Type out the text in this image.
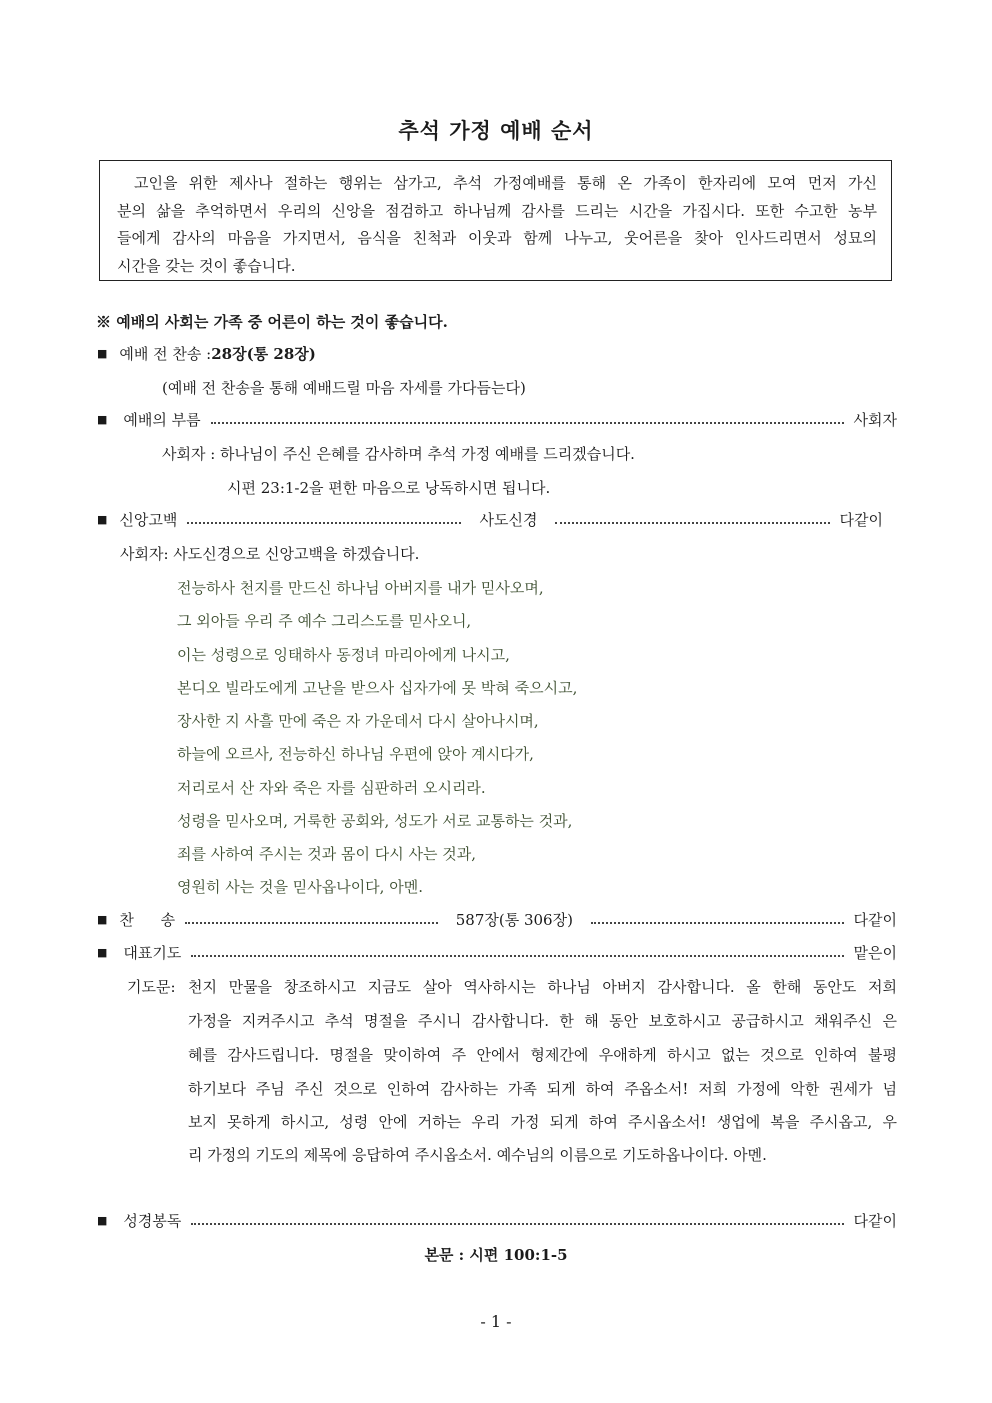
추석 가정 예배 순서

고인을 위한 제사나 절하는 행위는 삼가고, 추석 가정예배를 통해 온 가족이 한자리에 모여 먼저 가신

분의 삶을 추억하면서 우리의 신앙을 점검하고 하나님께 감사를 드리는 시간을 가집시다. 또한 수고한 농부

들에게 감사의 마음을 가지면서, 음식을 친척과 이웃과 함께 나누고, 웃어른을 찾아 인사드리면서 성묘의

시간을 갖는 것이 좋습니다.

※ 예배의 사회는 가족 중 어른이 하는 것이 좋습니다.
■ 예배 전 찬송 : 28장(통 28장)
(예배 전 찬송을 통해 예배드릴 마음 자세를 가다듬는다)
■ 예배의 부름	사회자
사회자 : 하나님이 주신 은혜를 감사하며 추석 가정 예배를 드리겠습니다.
시편 23:1-2을 편한 마음으로 낭독하시면 됩니다.
■ 신앙고백	사도신경	다같이
사회자: 사도신경으로 신앙고백을 하겠습니다.
전능하사 천지를 만드신 하나님 아버지를 내가 믿사오며,
그 외아들 우리 주 예수 그리스도를 믿사오니,
이는 성령으로 잉태하사 동정녀 마리아에게 나시고,
본디오 빌라도에게 고난을 받으사 십자가에 못 박혀 죽으시고,
장사한 지 사흘 만에 죽은 자 가운데서 다시 살아나시며,
하늘에 오르사, 전능하신 하나님 우편에 앉아 계시다가,
저리로서 산 자와 죽은 자를 심판하러 오시리라.
성령을 믿사오며, 거룩한 공회와, 성도가 서로 교통하는 것과,
죄를 사하여 주시는 것과 몸이 다시 사는 것과,
영원히 사는 것을 믿사옵나이다, 아멘.
■ 찬 송	587장(통 306장)	다같이
■ 대표기도	맡은이

기도문: 천지 만물을 창조하시고 지금도 살아 역사하시는 하나님 아버지 감사합니다. 올 한해 동안도 저희

가정을 지켜주시고 추석 명절을 주시니 감사합니다. 한 해 동안 보호하시고 공급하시고 채워주신 은

혜를 감사드립니다. 명절을 맞이하여 주 안에서 형제간에 우애하게 하시고 없는 것으로 인하여 불평

하기보다 주님 주신 것으로 인하여 감사하는 가족 되게 하여 주옵소서! 저희 가정에 악한 권세가 넘

보지 못하게 하시고, 성령 안에 거하는 우리 가정 되게 하여 주시옵소서! 생업에 복을 주시옵고, 우

리 가정의 기도의 제목에 응답하여 주시옵소서. 예수님의 이름으로 기도하옵나이다. 아멘.

■ 성경봉독	다같이
본문 : 시편 100:1-5
- 1 -
